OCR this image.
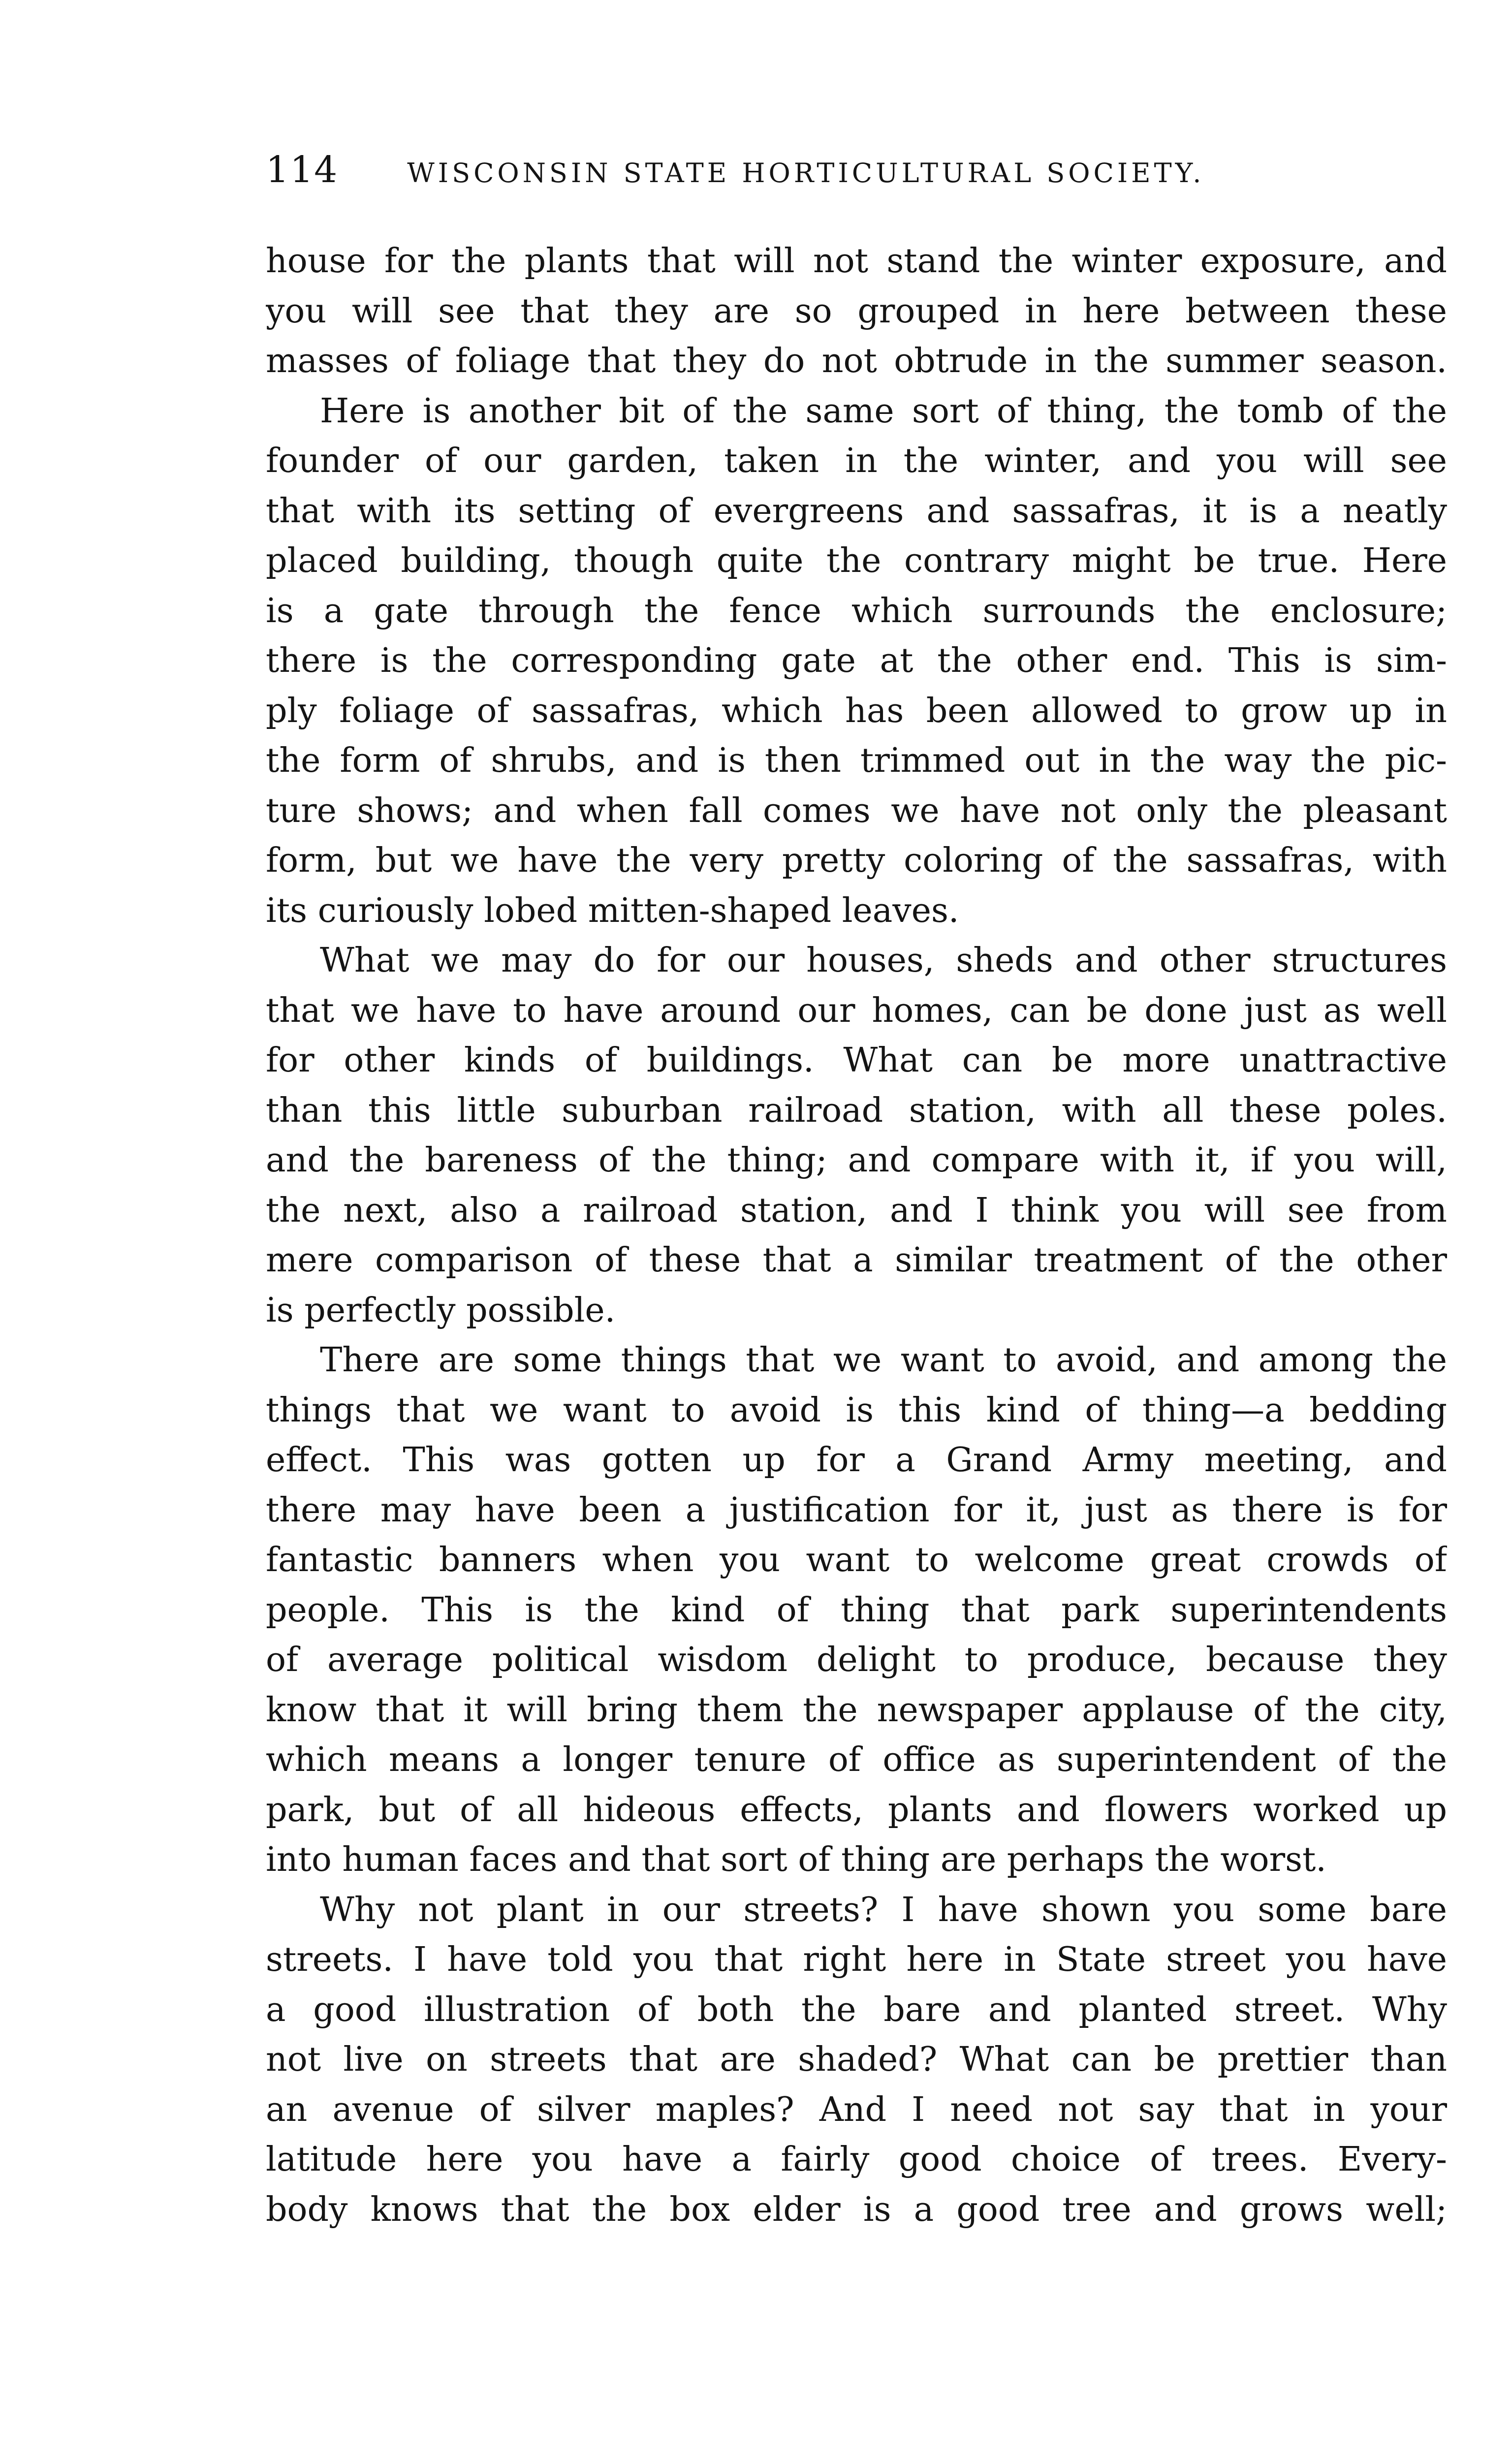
114	WISCONSIN STATE HORTICULTURAL SOCIETY.
house for the plants that will not stand the winter exposure, and
you will see that they are so grouped in here between these
masses of foliage that they do not obtrude in the summer season.
Here is another bit of the same sort of thing, the tomb of the
founder of our garden, taken in the winter, and you will see
that with its setting of evergreens and sassafras, it is a neatly
placed building, though quite the contrary might be true. Here
is a gate through the fence which surrounds the enclosure;
there is the corresponding gate at the other end. This is sim-
ply foliage of sassafras, which has been allowed to grow up in
the form of shrubs, and is then trimmed out in the way the pic-
ture shows; and when fall comes we have not only the pleasant
form, but we have the very pretty coloring of the sassafras, with
its curiously lobed mitten-shaped leaves.
What we may do for our houses, sheds and other structures
that we have to have around our homes, can be done just as well
for other kinds of buildings. What can be more unattractive
than this little suburban railroad station, with all these poles.
and the bareness of the thing; and compare with it, if you will,
the next, also a railroad station, and I think you will see from
mere comparison of these that a similar treatment of the other
is perfectly possible.
There are some things that we want to avoid, and among the
things that we want to avoid is this kind of thing—a bedding
effect. This was gotten up for a Grand Army meeting, and
there may have been a justification for it, just as there is for
fantastic banners when you want to welcome great crowds of
people. This is the kind of thing that park superintendents
of average political wisdom delight to produce, because they
know that it will bring them the newspaper applause of the city,
which means a longer tenure of office as superintendent of the
park, but of all hideous effects, plants and flowers worked up
into human faces and that sort of thing are perhaps the worst.
Why not plant in our streets? I have shown you some bare
streets. I have told you that right here in State street you have
a good illustration of both the bare and planted street. Why
not live on streets that are shaded? What can be prettier than
an avenue of silver maples? And I need not say that in your
latitude here you have a fairly good choice of trees. Every-
body knows that the box elder is a good tree and grows well;
